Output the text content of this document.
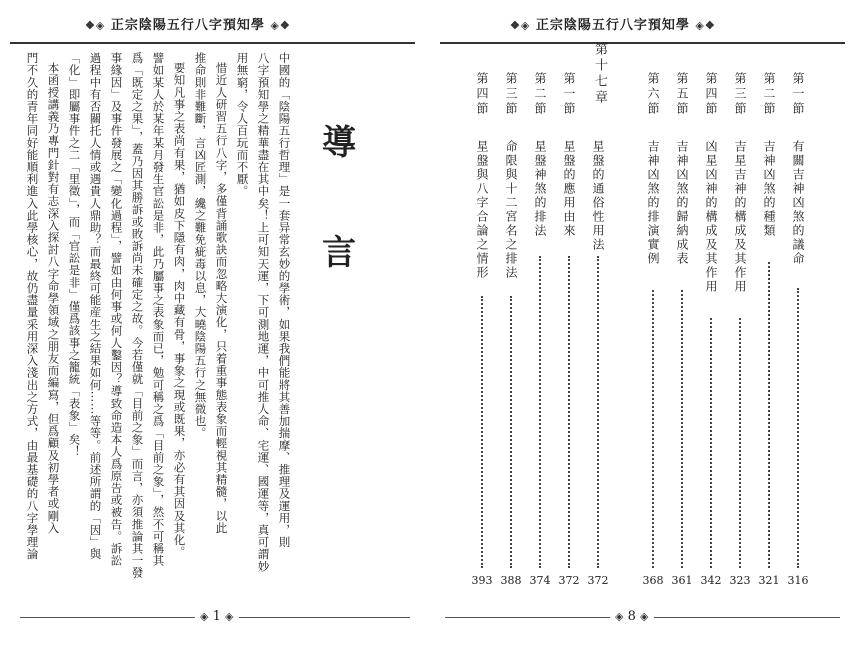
❖◈ 正宗陰陽五行八字預知學 ◈❖
導
言
中國的「陰陽五行哲理」是一套异常玄妙的學術，如果我們能將其善加揣摩、推理及運用，則
八字預知學之精華盡在其中矣！上可知天運，下可測地運，中可推人命、宅運、國運等，真可謂妙
用無窮，令人百玩而不厭。
惜近人研習五行八字，多僅背誦歌訣而忽略大演化，只着重事態表象而輕視其精髓，以此
推命則非難斷，言凶匠測，纔之難免疵毒以息，大曉陰陽五行之無微也。
要知凡事之表尚有果，猶如皮下隱有肉，肉中藏有骨，事象之現或既果，亦必有其因及其化。
譬如某人於某年某月發生官訟是非，此乃屬事之表象而已，勉可稱之爲「目前之象」，然不可稱其
爲「既定之果」，蓋乃因其勝訴或敗訴尚未確定之故。今若僅就「目前之象」而言，亦須推論其一發
事緣因」及事件發展之「變化過程」，譬如由何事或何人鑿因？導致命造本人爲原告或被告。訴訟
過程中有否關托人情或遇貴人鼎助？而最終可能産生之結果如何……等等。前述所謂的「因」與
「化」即屬事件之二「里徵」，而「官訟是非」僅爲該事之籠統「表象」矣！
本函授講義乃專門針對有志深入探討八字命學領域之朋友而編寫，但爲顧及初學者或剛入
門不久的青年同好能順利進入此學核心，故仍盡量采用深入淺出之方式，由最基礎的八字學理論
◈ 1 ◈
❖◈ 正宗陰陽五行八字預知學 ◈❖
第一節
有關吉神凶煞的議命
316
第二節
吉神凶煞的種類
321
第三節
吉星吉神的構成及其作用
323
第四節
凶星凶神的構成及其作用
342
第五節
吉神凶煞的歸納成表
361
第六節
吉神凶煞的排演實例
368
第十七章
星盤的通俗性用法
372
第一節
星盤的應用由來
372
第二節
星盤神煞的排法
374
第三節
命限與十二宮名之排法
388
第四節
星盤與八字合論之情形
393
◈ 8 ◈
